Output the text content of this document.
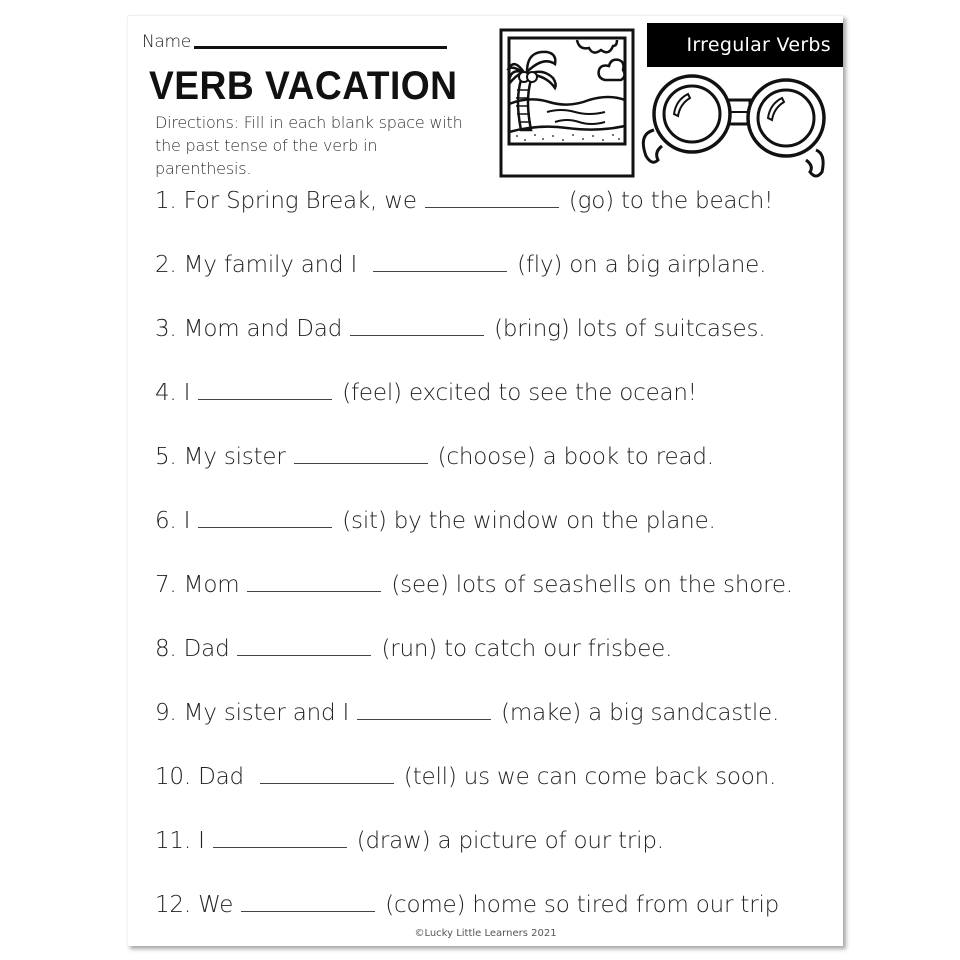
Name
VERB VACATION
Directions: Fill in each blank space with the past tense of the verb in parenthesis.
Irregular Verbs
1. For Spring Break, we	(go) to the beach!
2. My family and I	(fly) on a big airplane.
3. Mom and Dad	(bring) lots of suitcases.
4. I	(feel) excited to see the ocean!
5. My sister	(choose) a book to read.
6. I	(sit) by the window on the plane.
7. Mom	(see) lots of seashells on the shore.
8. Dad	(run) to catch our frisbee.
9. My sister and I	(make) a big sandcastle.
10. Dad	(tell) us we can come back soon.
11. I	(draw) a picture of our trip.
12. We	(come) home so tired from our trip
©Lucky Little Learners 2021
